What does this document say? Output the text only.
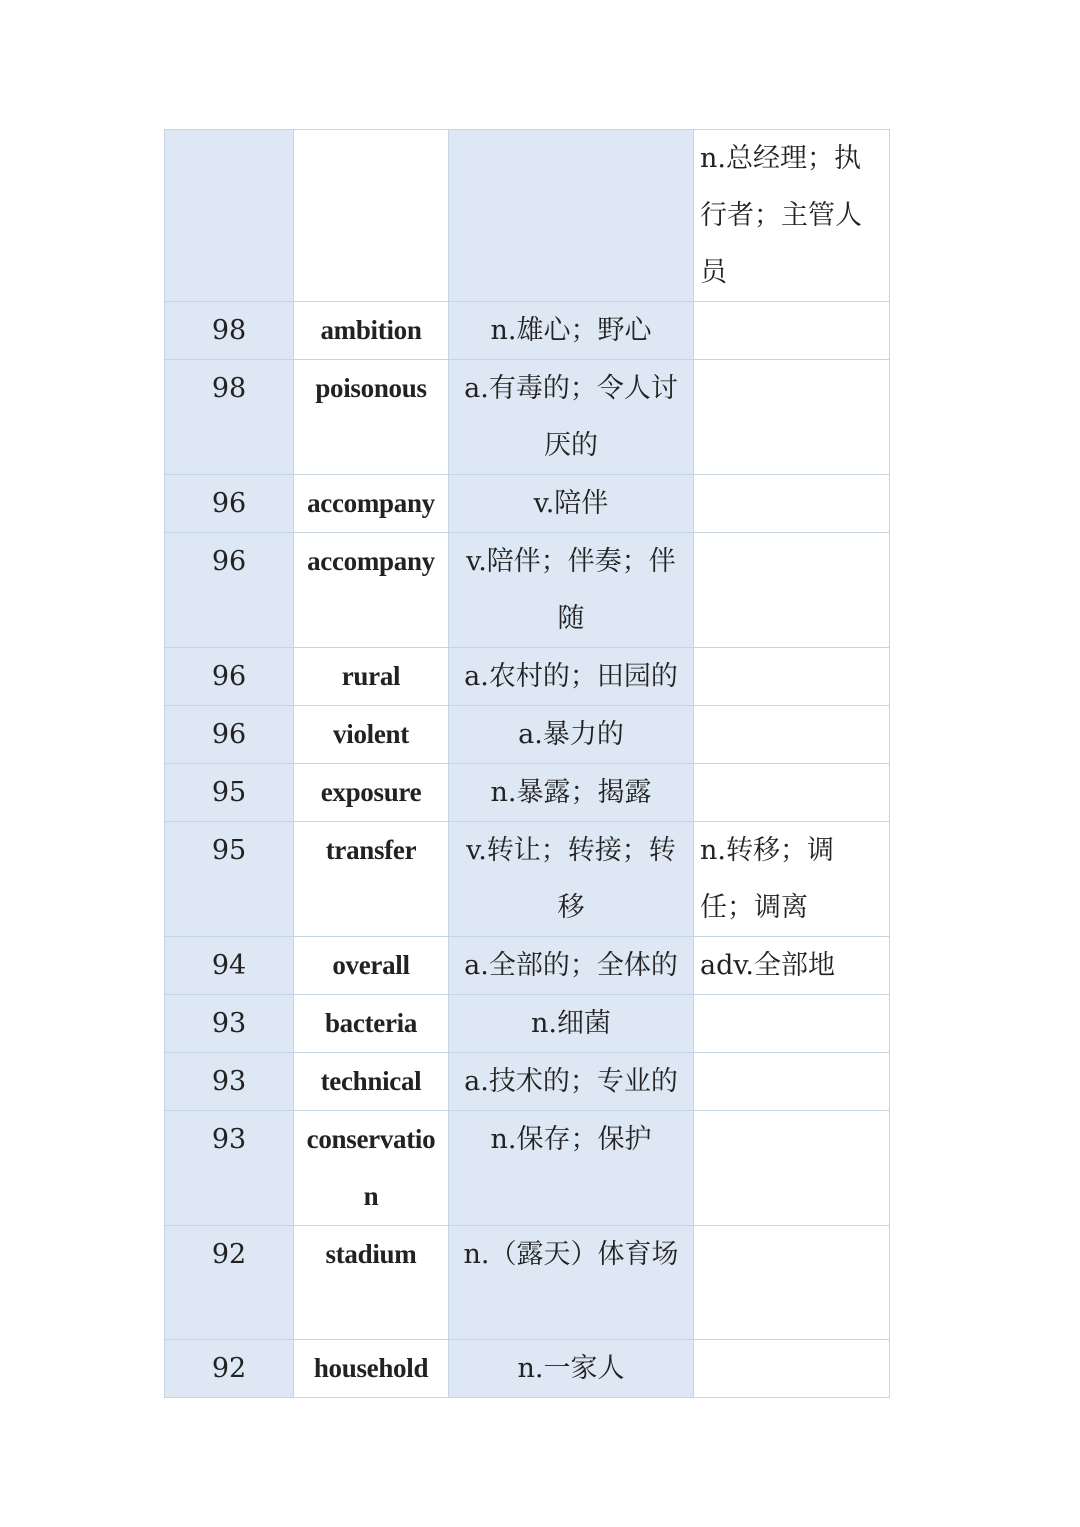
			n.总经理；执行者；主管人员
98	ambition	n.雄心；野心	
98	poisonous	a.有毒的；令人讨厌的	
96	accompany	v.陪伴	
96	accompany	v.陪伴；伴奏；伴随	
96	rural	a.农村的；田园的	
96	violent	a.暴力的	
95	exposure	n.暴露；揭露	
95	transfer	v.转让；转接；转移	n.转移；调任；调离
94	overall	a.全部的；全体的	adv.全部地
93	bacteria	n.细菌	
93	technical	a.技术的；专业的	
93	conservation	n.保存；保护	
92	stadium	n.（露天）体育场	
92	household	n.一家人	
